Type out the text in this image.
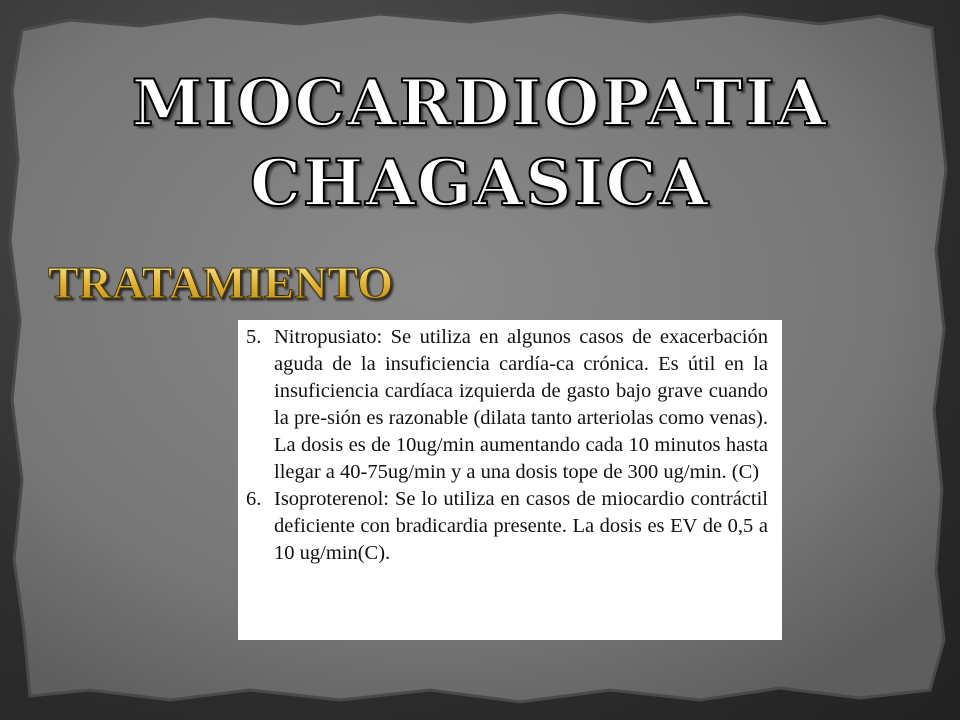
MIOCARDIOPATIA
CHAGASICA
TRATAMIENTO
5. Nitropusiato: Se utiliza en algunos casos de exacerbación aguda de la insuficiencia cardía-ca crónica. Es útil en la insuficiencia cardíaca izquierda de gasto bajo grave cuando la pre-sión es razonable (dilata tanto arteriolas como venas). La dosis es de 10ug/min aumentando cada 10 minutos hasta llegar a 40-75ug/min y a una dosis tope de 300 ug/min. (C)
6. Isoproterenol: Se lo utiliza en casos de miocardio contráctil deficiente con bradicardia presente. La dosis es EV de 0,5 a 10 ug/min(C).
